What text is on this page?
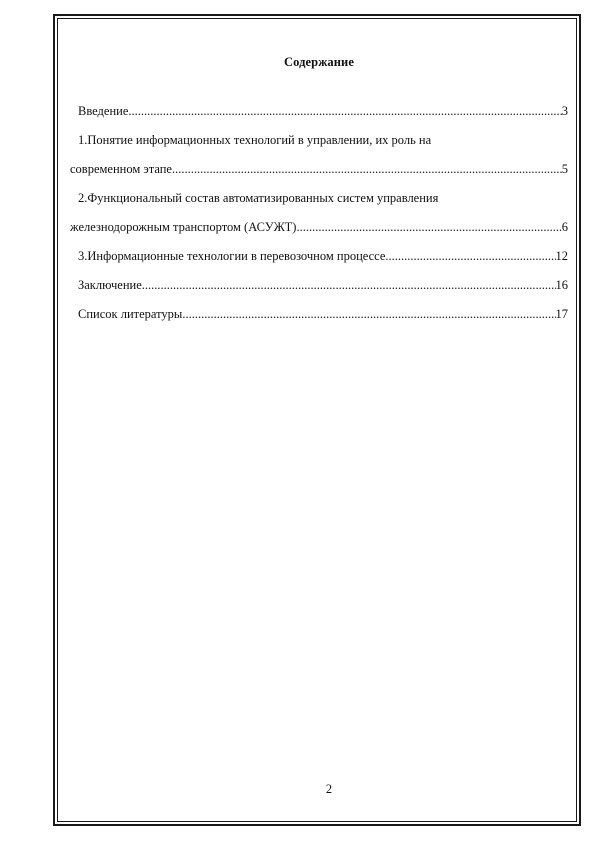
Содержание
Введение .....	3
1.Понятие информационных технологий в управлении, их роль на
современном этапе .....	5
2.Функциональный состав автоматизированных систем управления
железнодорожным транспортом (АСУЖТ) .....	6
3.Информационные технологии в перевозочном процессе .....	12
Заключение .....	16
Список литературы .....	17
2
